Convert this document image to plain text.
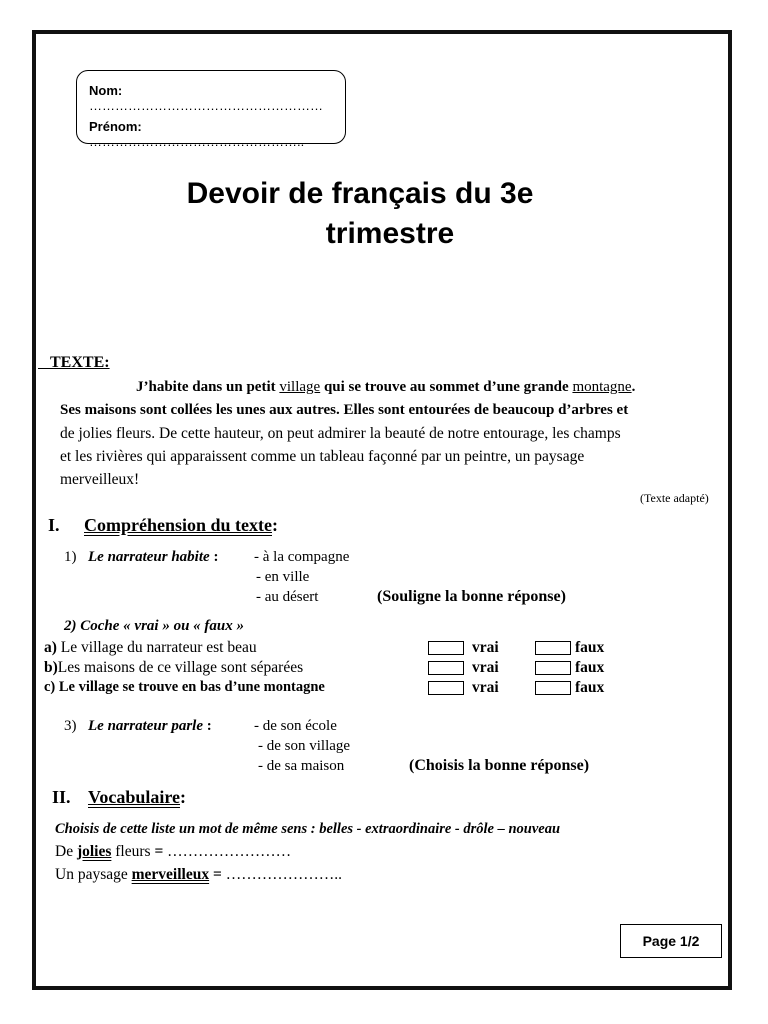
Nom: ………………………………………………
Prénom: …………………………………………..
Devoir de français du 3e
trimestre
TEXTE:
J’habite dans un petit village qui se trouve au sommet d’une grande montagne.
Ses maisons sont collées les unes aux autres. Elles sont entourées de beaucoup d’arbres et
de jolies fleurs. De cette hauteur, on peut admirer la beauté de notre entourage, les champs
et les rivières qui apparaissent comme un tableau façonné par un peintre, un paysage
merveilleux!
(Texte adapté)
I. Compréhension du texte:
1) Le narrateur habite : - à la compagne
- en ville
- au désert	(Souligne la bonne réponse)
2) Coche « vrai » ou « faux »
a) Le village du narrateur est beau	vrai	faux
b)Les maisons de ce village sont séparées	vrai	faux
c) Le village se trouve en bas d’une montagne	vrai	faux
3) Le narrateur parle :	- de son école
- de son village
- de sa maison	(Choisis la bonne réponse)
II. Vocabulaire:
Choisis de cette liste un mot de même sens : belles - extraordinaire - drôle – nouveau
De jolies fleurs = ……………………
Un paysage merveilleux = …………………..
Page 1/2
